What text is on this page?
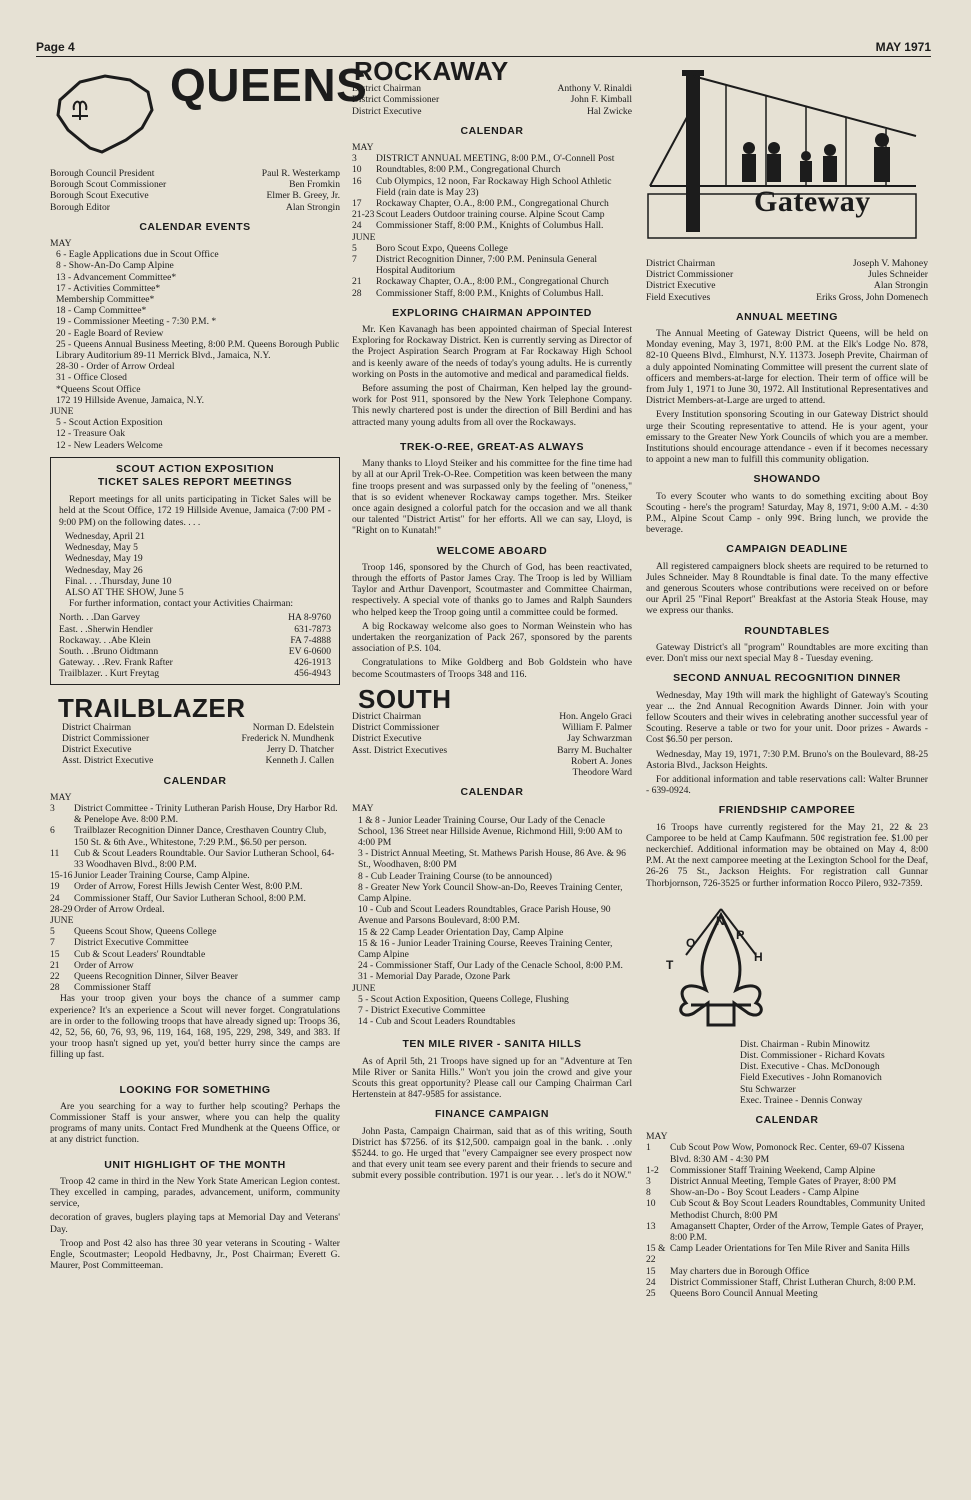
Page 4	MAY 1971
QUEENS
Borough Council President	Paul R. Westerkamp
Borough Scout Commissioner	Ben Fromkin
Borough Scout Executive	Elmer B. Greey, Jr.
Borough Editor	Alan Strongin
CALENDAR EVENTS
MAY
6 - Eagle Applications due in Scout Office
8 - Show-An-Do Camp Alpine
13 - Advancement Committee*
17 - Activities Committee*
Membership Committee*
18 - Camp Committee*
19 - Commissioner Meeting - 7:30 P.M. *
20 - Eagle Board of Review
25 - Queens Annual Business Meeting, 8:00 P.M. Queens Borough Public Library Auditorium 89-11 Merrick Blvd., Jamaica, N.Y.
28-30 - Order of Arrow Ordeal
31 - Office Closed
*Queens Scout Office
172 19 Hillside Avenue, Jamaica, N.Y.
JUNE
5 - Scout Action Exposition
12 - Treasure Oak
12 - New Leaders Welcome
SCOUT ACTION EXPOSITION
TICKET SALES REPORT MEETINGS

Report meetings for all units participating in Ticket Sales will be held at the Scout Office, 172 19 Hillside Avenue, Jamaica (7:00 PM - 9:00 PM) on the following dates. . . .

Wednesday, April 21
Wednesday, May 5
Wednesday, May 19
Wednesday, May 26
Final. . . .Thursday, June 10
ALSO AT THE SHOW, June 5

For further information, contact your Activities Chairman:

North. . .Dan Garvey	HA 8-9760
East. . .Sherwin Hendler	631-7873
Rockaway. . .Abe Klein	FA 7-4888
South. . .Bruno Oidtmann	EV 6-0600
Gateway. . .Rev. Frank Rafter	426-1913
Trailblazer. . Kurt Freytag	456-4943
TRAILBLAZER
District Chairman	Norman D. Edelstein
District Commissioner	Frederick N. Mundhenk
District Executive	Jerry D. Thatcher
Asst. District Executive	Kenneth J. Callen
CALENDAR
MAY
3 District Committee - Trinity Lutheran Parish House, Dry Harbor Rd. & Penelope Ave. 8:00 P.M.
6 Trailblazer Recognition Dinner Dance, Cresthaven Country Club, 150 St. & 6th Ave., Whitestone, 7:29 P.M., $6.50 per person.
11 Cub & Scout Leaders Roundtable. Our Savior Lutheran School, 64-33 Woodhaven Blvd., 8:00 P.M.
15-16 Junior Leader Training Course, Camp Alpine.
19 Order of Arrow, Forest Hills Jewish Center West, 8:00 P.M.
24 Commissioner Staff, Our Savior Lutheran School, 8:00 P.M.
28-29 Order of Arrow Ordeal.
JUNE
5 Queens Scout Show, Queens College
7 District Executive Committee
15 Cub & Scout Leaders' Roundtable
21 Order of Arrow
22 Queens Recognition Dinner, Silver Beaver
28 Commissioner Staff

Has your troop given your boys the chance of a summer camp experience? It's an experience a Scout will never forget. Congratulations are in order to the following troops that have already signed up: Troops 36, 42, 52, 56, 60, 76, 93, 96, 119, 164, 168, 195, 229, 298, 349, and 383. If your troop hasn't signed up yet, you'd better hurry since the camps are filling up fast.

LOOKING FOR SOMETHING

Are you searching for a way to further help scouting? Perhaps the Commissioner Staff is your answer, where you can help the quality programs of many units. Contact Fred Mundhenk at the Queens Office, or at any district function.

UNIT HIGHLIGHT OF THE MONTH

Troop 42 came in third in the New York State American Legion contest. They excelled in camping, parades, advancement, uniform, community service,

decoration of graves, buglers playing taps at Memorial Day and Veterans' Day.

Troop and Post 42 also has three 30 year veterans in Scouting - Walter Engle, Scoutmaster; Leopold Hedbavny, Jr., Post Chairman; Everett G. Maurer, Post Committeeman.

ROCKAWAY
District Chairman	Anthony V. Rinaldi
District Commissioner	John F. Kimball
District Executive	Hal Zwicke
CALENDAR
MAY
3 DISTRICT ANNUAL MEETING, 8:00 P.M., O'-Connell Post
10 Roundtables, 8:00 P.M., Congregational Church
16 Cub Olympics, 12 noon, Far Rockaway High School Athletic Field (rain date is May 23)
17 Rockaway Chapter, O.A., 8:00 P.M., Congregational Church
21-23 Scout Leaders Outdoor training course. Alpine Scout Camp
24 Commissioner Staff, 8:00 P.M., Knights of Columbus Hall.
JUNE
5 Boro Scout Expo, Queens College
7 District Recognition Dinner, 7:00 P.M. Peninsula General Hospital Auditorium
21 Rockaway Chapter, O.A., 8:00 P.M., Congregational Church
28 Commissioner Staff, 8:00 P.M., Knights of Columbus Hall.
EXPLORING CHAIRMAN APPOINTED

Mr. Ken Kavanagh has been appointed chairman of Special Interest Exploring for Rockaway District. Ken is currently serving as Director of the Project Aspiration Search Program at Far Rockaway High School and is keenly aware of the needs of today's young adults. He is currently working on Posts in the automotive and medical and paramedical fields.

Before assuming the post of Chairman, Ken helped lay the ground-work for Post 911, sponsored by the New York Telephone Company. This newly chartered post is under the direction of Bill Berdini and has attracted many young adults from all over the Rockaways.

TREK-O-REE, GREAT-AS ALWAYS

Many thanks to Lloyd Steiker and his committee for the fine time had by all at our April Trek-O-Ree. Competition was keen between the many fine troops present and was surpassed only by the feeling of "oneness," that is so evident whenever Rockaway camps together. Mrs. Steiker once again designed a colorful patch for the occasion and we all thank our talented "District Artist" for her efforts. All we can say, Lloyd, is "Right on to Kunatah!"

WELCOME ABOARD

Troop 146, sponsored by the Church of God, has been reactivated, through the efforts of Pastor James Cray. The Troop is led by William Taylor and Arthur Davenport, Scoutmaster and Committee Chairman, respectively. A special vote of thanks go to James and Ralph Saunders who helped keep the Troop going until a committee could be formed.

A big Rockaway welcome also goes to Norman Weinstein who has undertaken the reorganization of Pack 267, sponsored by the parents association of P.S. 104.

Congratulations to Mike Goldberg and Bob Goldstein who have become Scoutmasters of Troops 348 and 116.

SOUTH
District Chairman	Hon. Angelo Graci
District Commissioner	William F. Palmer
District Executive	Jay Schwarzman
Asst. District Executives	Barry M. Buchalter
Robert A. Jones
Theodore Ward
CALENDAR
MAY
1 & 8 - Junior Leader Training Course, Our Lady of the Cenacle School, 136 Street near Hillside Avenue, Richmond Hill, 9:00 AM to 4:00 PM
3 - District Annual Meeting, St. Mathews Parish House, 86 Ave. & 96 St., Woodhaven, 8:00 PM
8 - Cub Leader Training Course (to be announced)
8 - Greater New York Council Show-an-Do, Reeves Training Center, Camp Alpine.
10 - Cub and Scout Leaders Roundtables, Grace Parish House, 90 Avenue and Parsons Boulevard, 8:00 P.M.
15 & 22 Camp Leader Orientation Day, Camp Alpine
15 & 16 - Junior Leader Training Course, Reeves Training Center, Camp Alpine
24 - Commissioner Staff, Our Lady of the Cenacle School, 8:00 P.M.
31 - Memorial Day Parade, Ozone Park
JUNE
5 - Scout Action Exposition, Queens College, Flushing
7 - District Executive Committee
14 - Cub and Scout Leaders Roundtables
TEN MILE RIVER - SANITA HILLS

As of April 5th, 21 Troops have signed up for an "Adventure at Ten Mile River or Sanita Hills." Won't you join the crowd and give your Scouts this great opportunity? Please call our Camping Chairman Carl Hertenstein at 847-9585 for assistance.

FINANCE CAMPAIGN

John Pasta, Campaign Chairman, said that as of this writing, South District has $7256. of its $12,500. campaign goal in the bank. . .only $5244. to go. He urged that "every Campaigner see every prospect now and that every unit team see every parent and their friends to secure and submit every possible contribution. 1971 is our year. . . let's do it NOW."

Gateway
District Chairman	Joseph V. Mahoney
District Commissioner	Jules Schneider
District Executive	Alan Strongin
Field Executives	Eriks Gross, John Domenech
ANNUAL MEETING

The Annual Meeting of Gateway District Queens, will be held on Monday evening, May 3, 1971, 8:00 P.M. at the Elk's Lodge No. 878, 82-10 Queens Blvd., Elmhurst, N.Y. 11373. Joseph Previte, Chairman of a duly appointed Nominating Committee will present the current slate of officers and members-at-large for election. Their term of office will be from July 1, 1971 to June 30, 1972. All Institutional Representatives and District Members-at-Large are urged to attend.

Every Institution sponsoring Scouting in our Gateway District should urge their Scouting representative to attend. He is your agent, your emissary to the Greater New York Councils of which you are a member. Institutions should encourage attendance - even if it becomes necessary to appoint a new man to fulfill this community obligation.

SHOWANDO

To every Scouter who wants to do something exciting about Boy Scouting - here's the program! Saturday, May 8, 1971, 9:00 A.M. - 4:30 P.M., Alpine Scout Camp - only 99¢. Bring lunch, we provide the beverage.

CAMPAIGN DEADLINE

All registered campaigners block sheets are required to be returned to Jules Schneider. May 8 Roundtable is final date. To the many effective and generous Scouters whose contributions were received on or before our April 25 "Final Report" Breakfast at the Astoria Steak House, may we express our thanks.

ROUNDTABLES

Gateway District's all "program" Roundtables are more exciting than ever. Don't miss our next special May 8 - Tuesday evening.

SECOND ANNUAL RECOGNITION DINNER

Wednesday, May 19th will mark the highlight of Gateway's Scouting year ... the 2nd Annual Recognition Awards Dinner. Join with your fellow Scouters and their wives in celebrating another successful year of Scouting. Reserve a table or two for your unit. Door prizes - Awards - Cost $6.50 per person.

Wednesday, May 19, 1971, 7:30 P.M. Bruno's on the Boulevard, 88-25 Astoria Blvd., Jackson Heights.

For additional information and table reservations call: Walter Brunner - 639-0924.

FRIENDSHIP CAMPOREE

16 Troops have currently registered for the May 21, 22 & 23 Camporee to be held at Camp Kaufmann. 50¢ registration fee. $1.00 per neckerchief. Additional information may be obtained on May 4, 8:00 P.M. At the next camporee meeting at the Lexington School for the Deaf, 26-26 75 St., Jackson Heights. For registration call Gunnar Thorbjornson, 726-3525 or further information Rocco Pilero, 932-7359.

N
O
R
T
H
Dist. Chairman - Rubin Minowitz
Dist. Commissioner - Richard Kovats
Dist. Executive - Chas. McDonough
Field Executives - John Romanovich
Stu Schwarzer
Exec. Trainee - Dennis Conway
CALENDAR
MAY
1 Cub Scout Pow Wow, Pomonock Rec. Center, 69-07 Kissena Blvd. 8:30 AM - 4:30 PM
1-2 Commissioner Staff Training Weekend, Camp Alpine
3 District Annual Meeting, Temple Gates of Prayer, 8:00 PM
8 Show-an-Do - Boy Scout Leaders - Camp Alpine
10 Cub Scout & Boy Scout Leaders Roundtables, Community United Methodist Church, 8:00 PM
13 Amagansett Chapter, Order of the Arrow, Temple Gates of Prayer, 8:00 P.M.
15 & 22Camp Leader Orientations for Ten Mile River and Sanita Hills
15 May charters due in Borough Office
24 District Commissioner Staff, Christ Lutheran Church, 8:00 P.M.
25 Queens Boro Council Annual Meeting
